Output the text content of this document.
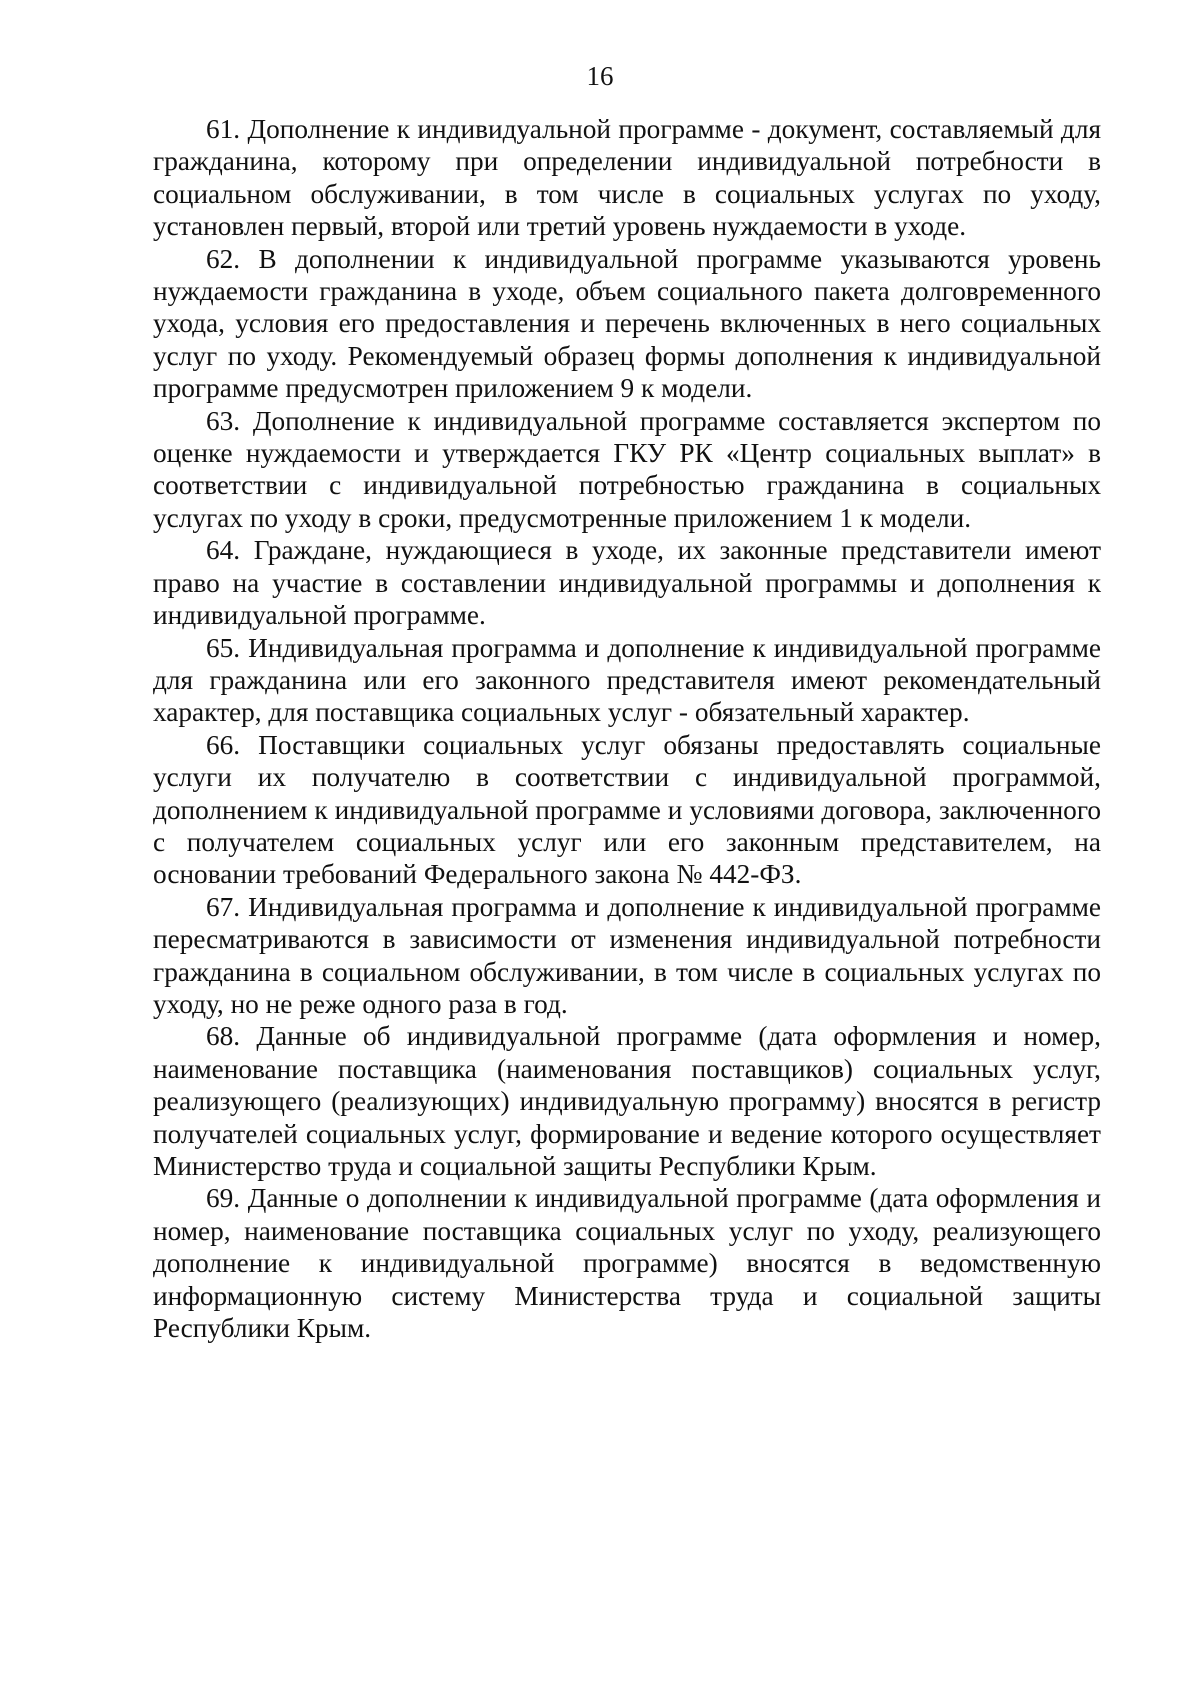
16

61. Дополнение к индивидуальной программе - документ, составляемый для гражданина, которому при определении индивидуальной потребности в социальном обслуживании, в том числе в социальных услугах по уходу, установлен первый, второй или третий уровень нуждаемости в уходе.

62. В дополнении к индивидуальной программе указываются уровень нуждаемости гражданина в уходе, объем социального пакета долговременного ухода, условия его предоставления и перечень включенных в него социальных услуг по уходу. Рекомендуемый образец формы дополнения к индивидуальной программе предусмотрен приложением 9 к модели.

63. Дополнение к индивидуальной программе составляется экспертом по оценке нуждаемости и утверждается ГКУ РК «Центр социальных выплат» в соответствии с индивидуальной потребностью гражданина в социальных услугах по уходу в сроки, предусмотренные приложением 1 к модели.

64. Граждане, нуждающиеся в уходе, их законные представители имеют право на участие в составлении индивидуальной программы и дополнения к индивидуальной программе.

65. Индивидуальная программа и дополнение к индивидуальной программе для гражданина или его законного представителя имеют рекомендательный характер, для поставщика социальных услуг - обязательный характер.

66. Поставщики социальных услуг обязаны предоставлять социальные услуги их получателю в соответствии с индивидуальной программой, дополнением к индивидуальной программе и условиями договора, заключенного с получателем социальных услуг или его законным представителем, на основании требований Федерального закона № 442-ФЗ.

67. Индивидуальная программа и дополнение к индивидуальной программе пересматриваются в зависимости от изменения индивидуальной потребности гражданина в социальном обслуживании, в том числе в социальных услугах по уходу, но не реже одного раза в год.

68. Данные об индивидуальной программе (дата оформления и номер, наименование поставщика (наименования поставщиков) социальных услуг, реализующего (реализующих) индивидуальную программу) вносятся в регистр получателей социальных услуг, формирование и ведение которого осуществляет Министерство труда и социальной защиты Республики Крым.

69. Данные о дополнении к индивидуальной программе (дата оформления и номер, наименование поставщика социальных услуг по уходу, реализующего дополнение к индивидуальной программе) вносятся в ведомственную информационную систему Министерства труда и социальной защиты Республики Крым.
